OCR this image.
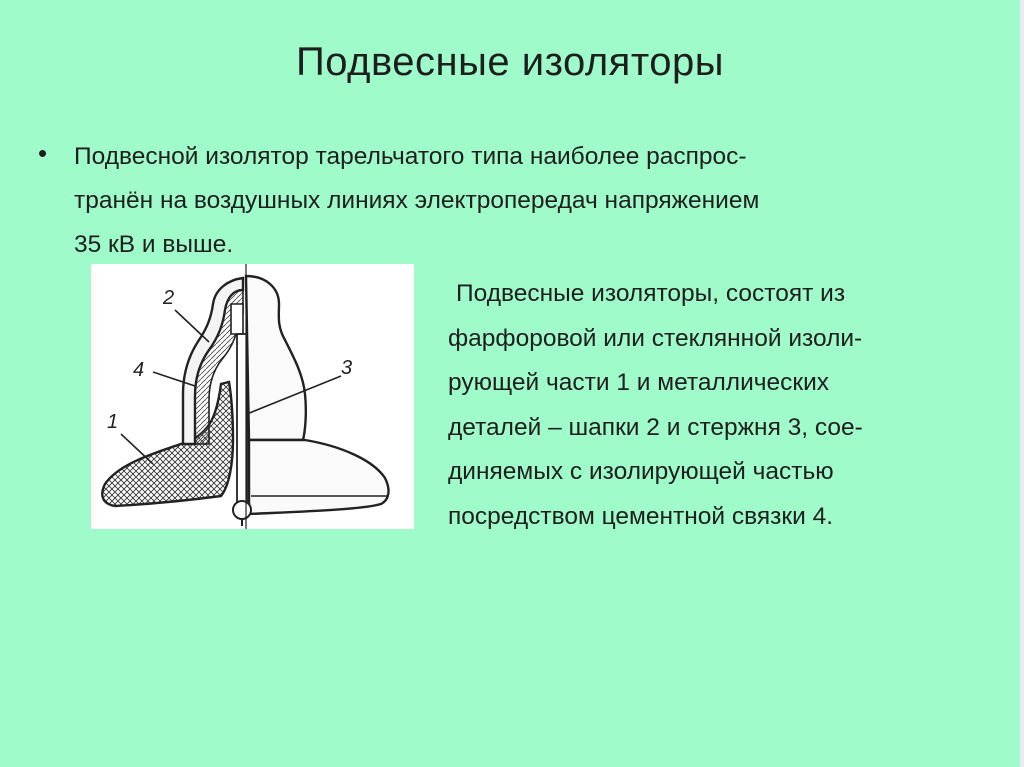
Подвесные изоляторы
• Подвесной изолятор тарельчатого типа наиболее распрос-
транён на воздушных линиях электропередач напряжением
35 кВ и выше.
2
4
1
3
Подвесные изоляторы, состоят из
фарфоровой или стеклянной изоли-
рующей части 1 и металлических
деталей – шапки 2 и стержня 3, сое-
диняемых с изолирующей частью
посредством цементной связки 4.
